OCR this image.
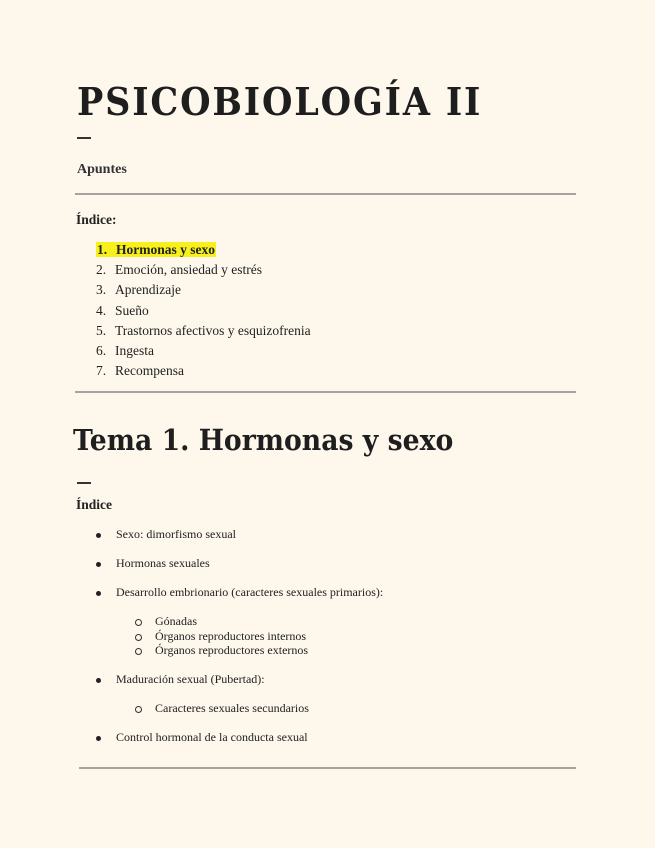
PSICOBIOLOGÍA II

Apuntes

Índice:

1. Hormonas y sexo
2. Emoción, ansiedad y estrés
3. Aprendizaje
4. Sueño
5. Trastornos afectivos y esquizofrenia
6. Ingesta
7. Recompensa
Tema 1. Hormonas y sexo

Índice

Sexo: dimorfismo sexual

Hormonas sexuales

Desarrollo embrionario (caracteres sexuales primarios):

Gónadas

Órganos reproductores internos

Órganos reproductores externos

Maduración sexual (Pubertad):

Caracteres sexuales secundarios

Control hormonal de la conducta sexual
